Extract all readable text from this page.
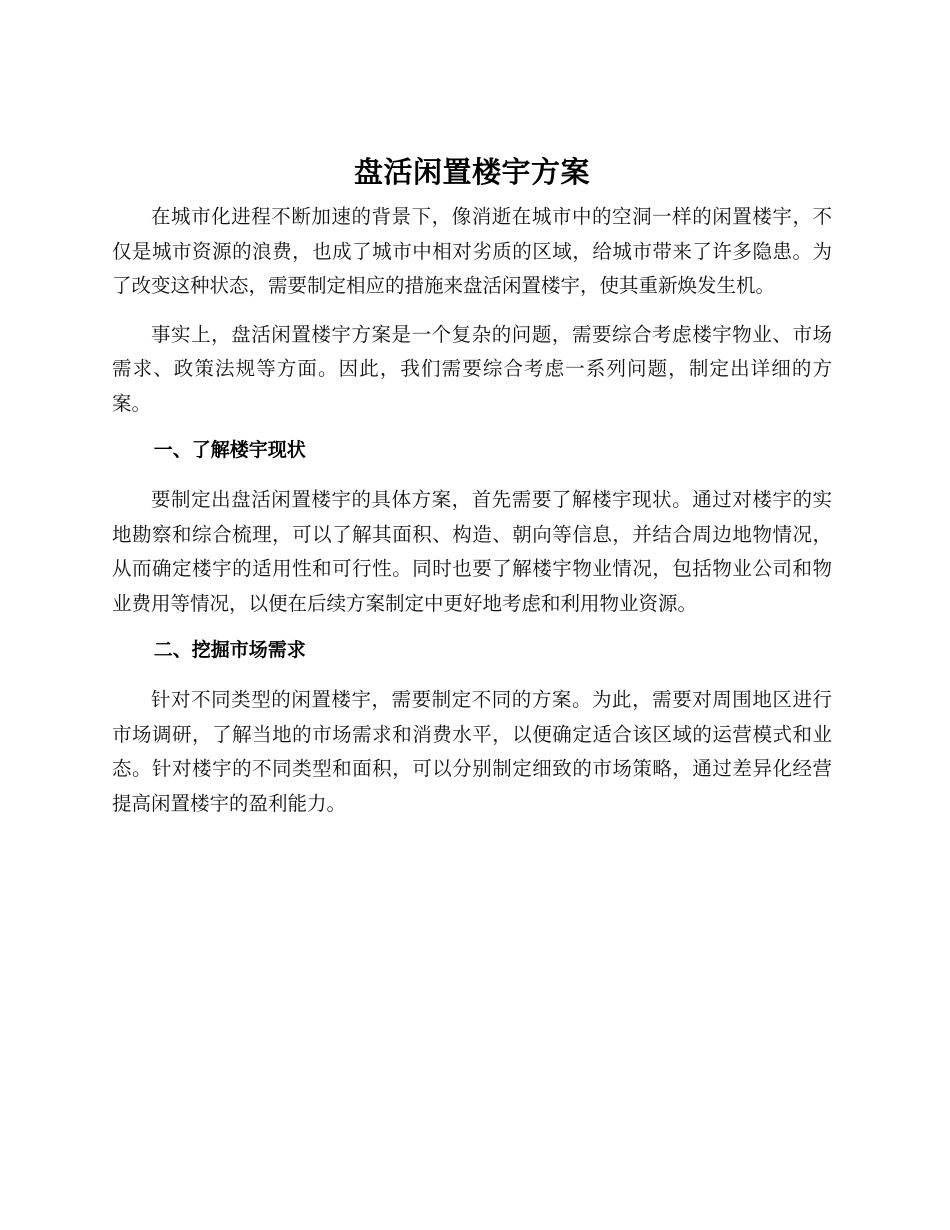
盘活闲置楼宇方案

在城市化进程不断加速的背景下，像消逝在城市中的空洞一样的闲置楼宇，不仅是城市资源的浪费，也成了城市中相对劣质的区域，给城市带来了许多隐患。为了改变这种状态，需要制定相应的措施来盘活闲置楼宇，使其重新焕发生机。

事实上，盘活闲置楼宇方案是一个复杂的问题，需要综合考虑楼宇物业、市场需求、政策法规等方面。因此，我们需要综合考虑一系列问题，制定出详细的方案。

一、了解楼宇现状

要制定出盘活闲置楼宇的具体方案，首先需要了解楼宇现状。通过对楼宇的实地勘察和综合梳理，可以了解其面积、构造、朝向等信息，并结合周边地物情况，从而确定楼宇的适用性和可行性。同时也要了解楼宇物业情况，包括物业公司和物业费用等情况，以便在后续方案制定中更好地考虑和利用物业资源。

二、挖掘市场需求

针对不同类型的闲置楼宇，需要制定不同的方案。为此，需要对周围地区进行市场调研，了解当地的市场需求和消费水平，以便确定适合该区域的运营模式和业态。针对楼宇的不同类型和面积，可以分别制定细致的市场策略，通过差异化经营提高闲置楼宇的盈利能力。
